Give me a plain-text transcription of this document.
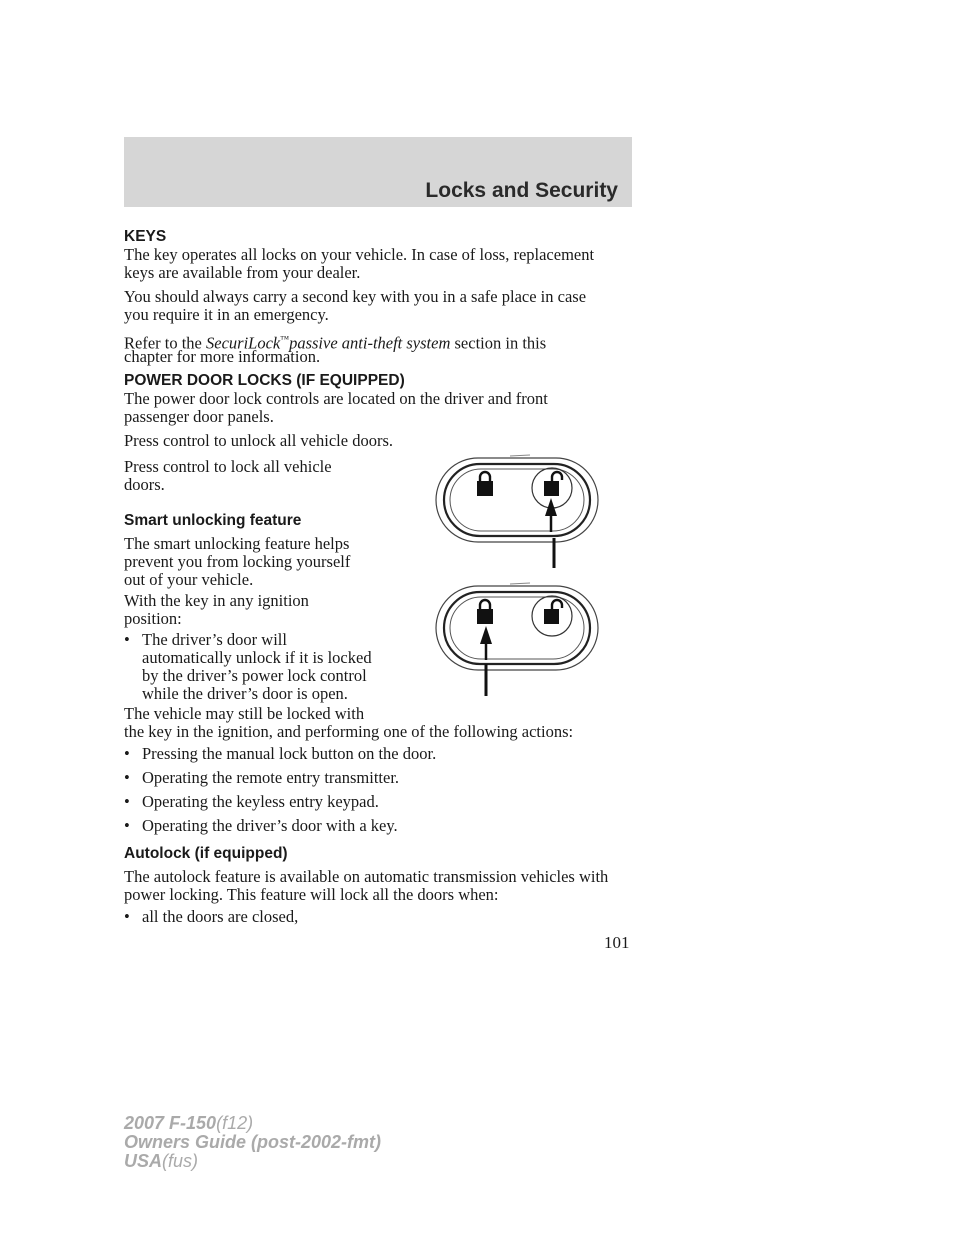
Locks and Security
KEYS
The key operates all locks on your vehicle. In case of loss, replacement
keys are available from your dealer.
You should always carry a second key with you in a safe place in case
you require it in an emergency.
Refer to the SecuriLock™passive anti-theft system section in this
chapter for more information.
POWER DOOR LOCKS (IF EQUIPPED)
The power door lock controls are located on the driver and front
passenger door panels.
Press control to unlock all vehicle doors.
Press control to lock all vehicle
doors.
Smart unlocking feature
The smart unlocking feature helps
prevent you from locking yourself
out of your vehicle.
With the key in any ignition
position:
• The driver’s door will
automatically unlock if it is locked
by the driver’s power lock control
while the driver’s door is open.
The vehicle may still be locked with
the key in the ignition, and performing one of the following actions:
• Pressing the manual lock button on the door.
• Operating the remote entry transmitter.
• Operating the keyless entry keypad.
• Operating the driver’s door with a key.
Autolock (if equipped)
The autolock feature is available on automatic transmission vehicles with
power locking. This feature will lock all the doors when:
• all the doors are closed,
101
2007 F-150(f12)
Owners Guide (post-2002-fmt)
USA(fus)
